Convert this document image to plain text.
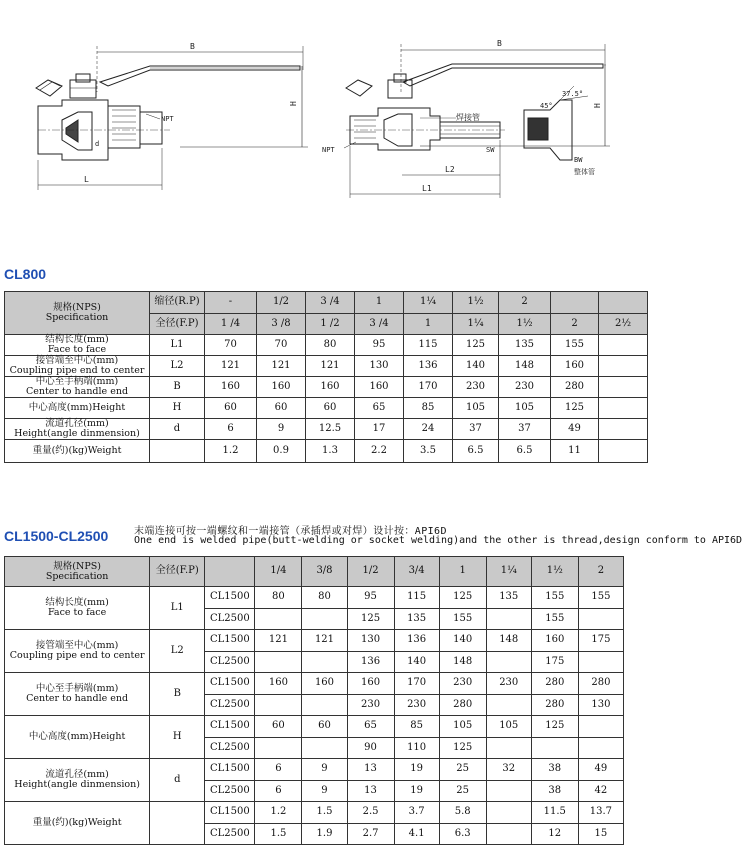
B
H
d
NPT
L
B
H
焊接管
SW
NPT
L2
L1
45°
37.5°
BW
整体管
CL800
规格(NPS)
Specification	缩径(R.P)	-	1/2	3 /4	1	1¼	1½	2		
	全径(F.P)	1 /4	3 /8	1 /2	3 /4	1	1¼	1½	2	2½

结构长度(mm)
Face to face	L1	70	70	80	95	115	125	135	155	

接管端至中心(mm)
Coupling pipe end to center	L2	121	121	121	130	136	140	148	160	

中心至手柄端(mm)
Center to handle end	B	160	160	160	160	170	230	230	280	

中心高度(mm)Height	H	60	60	60	65	85	105	105	125	

流道孔径(mm)
Height(angle dinmension)	d	6	9	12.5	17	24	37	37	49	

重量(约)(kg)Weight		1.2	0.9	1.3	2.2	3.5	6.5	6.5	11	
CL1500-CL2500	末端连接可按一端螺纹和一端接管（承插焊或对焊）设计按：API6D
One end is welded pipe(butt-welding or socket welding)and the other is thread,design conform to API6D
规格(NPS)
Specification	全径(F.P)		1/4	3/8	1/2	3/4	1	1¼	1½	2

结构长度(mm)
Face to face	L1	CL1500	80	80	95	115	125	135	155	155
		CL2500			125	135	155		155	

接管端至中心(mm)
Coupling pipe end to center	L2	CL1500	121	121	130	136	140	148	160	175
		CL2500			136	140	148		175	

中心至手柄端(mm)
Center to handle end	B	CL1500	160	160	160	170	230	230	280	280
		CL2500			230	230	280		280	130

中心高度(mm)Height	H	CL1500	60	60	65	85	105	105	125	
		CL2500			90	110	125			

流道孔径(mm)
Height(angle dinmension)	d	CL1500	6	9	13	19	25	32	38	49
		CL2500	6	9	13	19	25		38	42

重量(约)(kg)Weight		CL1500	1.2	1.5	2.5	3.7	5.8		11.5	13.7
		CL2500	1.5	1.9	2.7	4.1	6.3		12	15
